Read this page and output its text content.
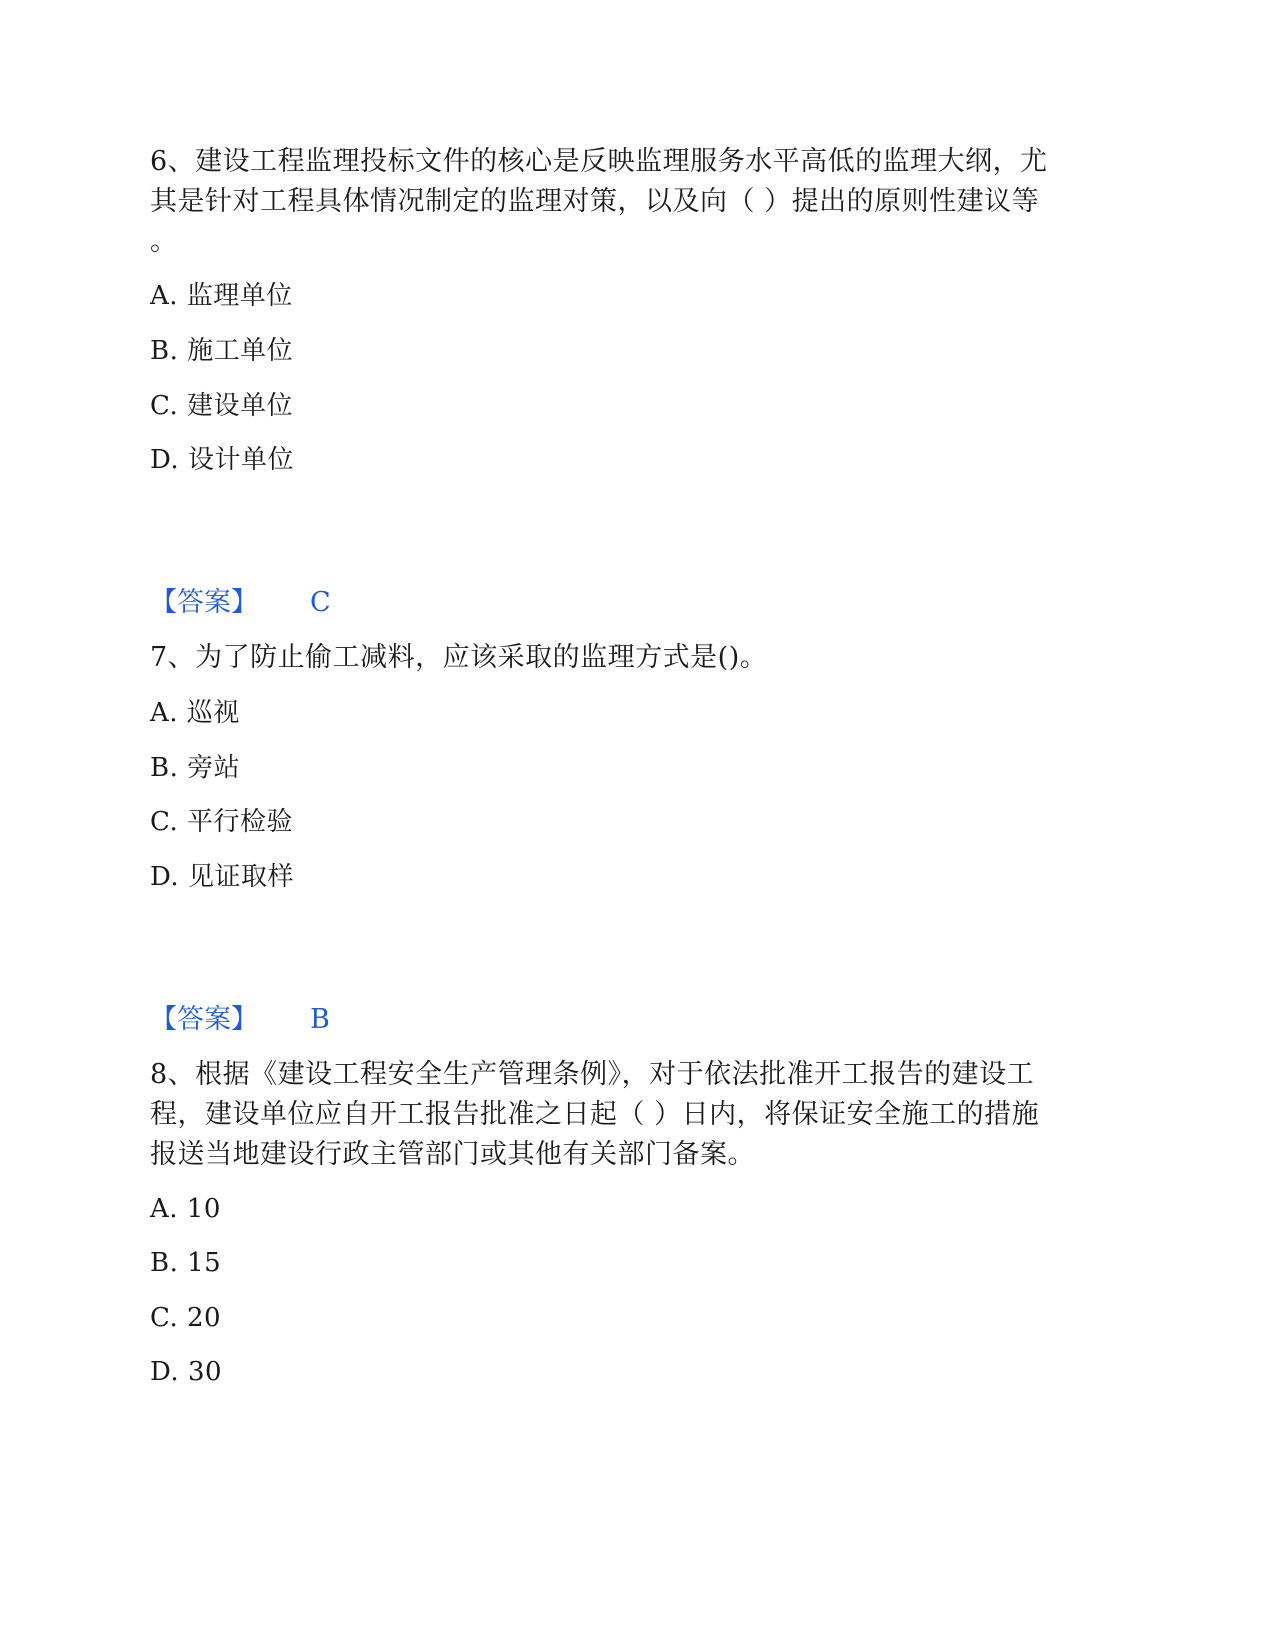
6、建设工程监理投标文件的核心是反映监理服务水平高低的监理大纲，尤
其是针对工程具体情况制定的监理对策，以及向（ ）提出的原则性建议等
。
A. 监理单位
B. 施工单位
C. 建设单位
D. 设计单位
【答案】 C
7、为了防止偷工减料，应该采取的监理方式是()。
A. 巡视
B. 旁站
C. 平行检验
D. 见证取样
【答案】 B
8、根据《建设工程安全生产管理条例》，对于依法批准开工报告的建设工
程，建设单位应自开工报告批准之日起（ ）日内，将保证安全施工的措施
报送当地建设行政主管部门或其他有关部门备案。
A. 10
B. 15
C. 20
D. 30
